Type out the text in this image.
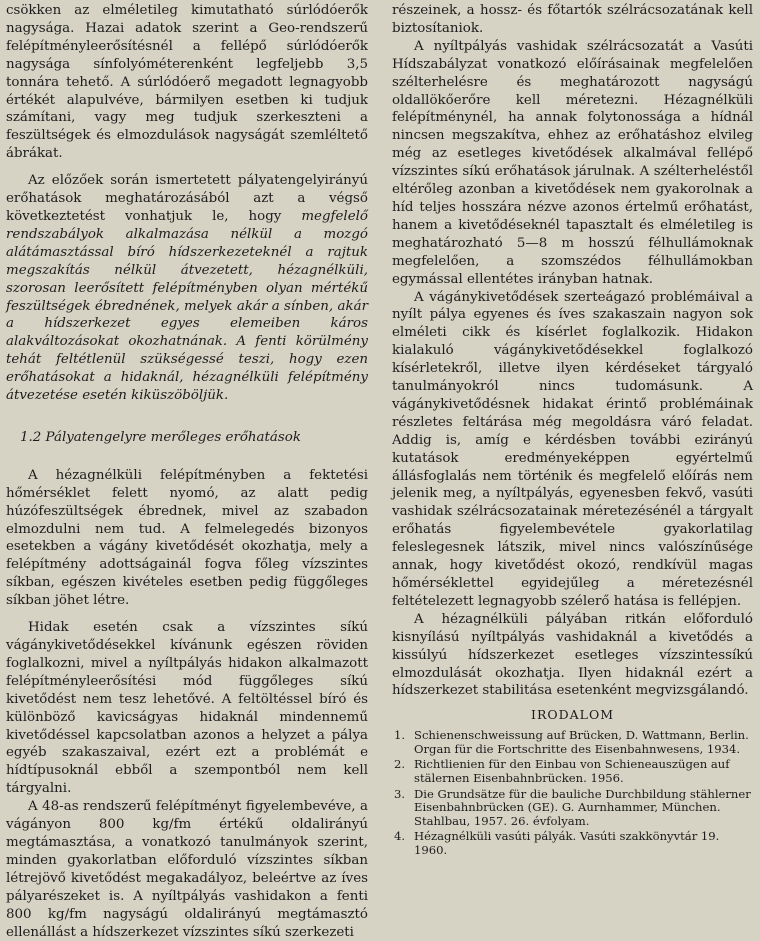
csökken az elméletileg kimutatható súrlódóerők nagysága. Hazai adatok szerint a Geo-rendszerű felépítményleerősítésnél a fellépő súrlódóerők nagysága sínfolyóméterenként legfeljebb 3,5 tonnára tehető. A súrlódóerő megadott legnagyobb értékét alapulvéve, bármilyen esetben ki tudjuk számítani, vagy meg tudjuk szerkeszteni a feszültségek és elmozdulások nagyságát szemléltető ábrákat.

Az előzőek során ismertetett pályatengelyirányú erőhatások meghatározásából azt a végső következtetést vonhatjuk le, hogy megfelelő rendszabályok alkalmazása nélkül a mozgó alátámasztással bíró hídszerkezeteknél a rajtuk megszakítás nélkül átvezetett, hézagnélküli, szorosan leerősített felépítményben olyan mértékű feszültségek ébrednének, melyek akár a sínben, akár a hídszerkezet egyes elemeiben káros alakváltozásokat okozhatnának. A fenti körülmény tehát feltétlenül szükségessé teszi, hogy ezen erőhatásokat a hidaknál, hézagnélküli felépítmény átvezetése esetén kiküszöböljük.

1.2 Pályatengelyre merőleges erőhatások

A hézagnélküli felépítményben a fektetési hőmérséklet felett nyomó, az alatt pedig húzófeszültségek ébrednek, mivel az szabadon elmozdulni nem tud. A felmelegedés bizonyos esetekben a vágány kivetődését okozhatja, mely a felépítmény adottságainál fogva főleg vízszintes síkban, egészen kivételes esetben pedig függőleges síkban jöhet létre.

Hidak esetén csak a vízszintes síkú vágánykivetődésekkel kívánunk egészen röviden foglalkozni, mivel a nyíltpályás hidakon alkalmazott felépítményleerősítési mód függőleges síkú kivetődést nem tesz lehetővé. A feltöltéssel bíró és különböző kavicságyas hidaknál mindennemű kivetődéssel kapcsolatban azonos a helyzet a pálya egyéb szakaszaival, ezért ezt a problémát e hídtípusoknál ebből a szempontból nem kell tárgyalni.

A 48-as rendszerű felépítményt figyelembevéve, a vágányon 800 kg/fm értékű oldalirányú megtámasztása, a vonatkozó tanulmányok szerint, minden gyakorlatban előforduló vízszintes síkban létrejövő kivetődést megakadályoz, beleértve az íves pályarészeket is. A nyíltpályás vashidakon a fenti 800 kg/fm nagyságú oldalirányú megtámasztó ellenállást a hídszerkezet vízszintes síkú szerkezeti

részeinek, a hossz- és főtartók szélrácsozatának kell biztosítaniok.

A nyíltpályás vashidak szélrácsozatát a Vasúti Hídszabályzat vonatkozó előírásainak megfelelően szélterhelésre és meghatározott nagyságú oldallökőerőre kell méretezni. Hézagnélküli felépítménynél, ha annak folytonossága a hídnál nincsen megszakítva, ehhez az erőhatáshoz elvileg még az esetleges kivetődések alkalmával fellépő vízszintes síkú erőhatások járulnak. A szélterheléstől eltérőleg azonban a kivetődések nem gyakorolnak a híd teljes hosszára nézve azonos értelmű erőhatást, hanem a kivetődéseknél tapasztalt és elméletileg is meghatározható 5—8 m hosszú félhullámoknak megfelelően, a szomszédos félhullámokban egymással ellentétes irányban hatnak.

A vágánykivetődések szerteágazó problémáival a nyílt pálya egyenes és íves szakaszain nagyon sok elméleti cikk és kísérlet foglalkozik. Hidakon kialakuló vágánykivetődésekkel foglalkozó kísérletekről, illetve ilyen kérdéseket tárgyaló tanulmányokról nincs tudomásunk. A vágánykivetődésnek hidakat érintő problémáinak részletes feltárása még megoldásra váró feladat. Addig is, amíg e kérdésben további ezirányú kutatások eredményeképpen egyértelmű állásfoglalás nem történik és megfelelő előírás nem jelenik meg, a nyíltpályás, egyenesben fekvő, vasúti vashidak szélrácsozatainak méretezésénél a tárgyalt erőhatás figyelembevétele gyakorlatilag feleslegesnek látszik, mivel nincs valószínűsége annak, hogy kivetődést okozó, rendkívül magas hőmérséklettel egyidejűleg a méretezésnél feltételezett legnagyobb szélerő hatása is fellépjen.

A hézagnélküli pályában ritkán előforduló kisnyílású nyíltpályás vashidaknál a kivetődés a kissúlyú hídszerkezet esetleges vízszintessíkú elmozdulását okozhatja. Ilyen hidaknál ezért a hídszerkezet stabilitása esetenként megvizsgálandó.

IRODALOM
1. Schienenschweissung auf Brücken, D. Wattmann, Berlin. Organ für die Fortschritte des Eisenbahnwesens, 1934.
2. Richtlienien für den Einbau von Schieneauszügen auf stälernen Eisenbahnbrücken. 1956.
3. Die Grundsätze für die bauliche Durchbildung stählerner Eisenbahnbrücken (GE). G. Aurnhammer, München. Stahlbau, 1957. 26. évfolyam.
4. Hézagnélküli vasúti pályák. Vasúti szakkönyvtár 19. 1960.
